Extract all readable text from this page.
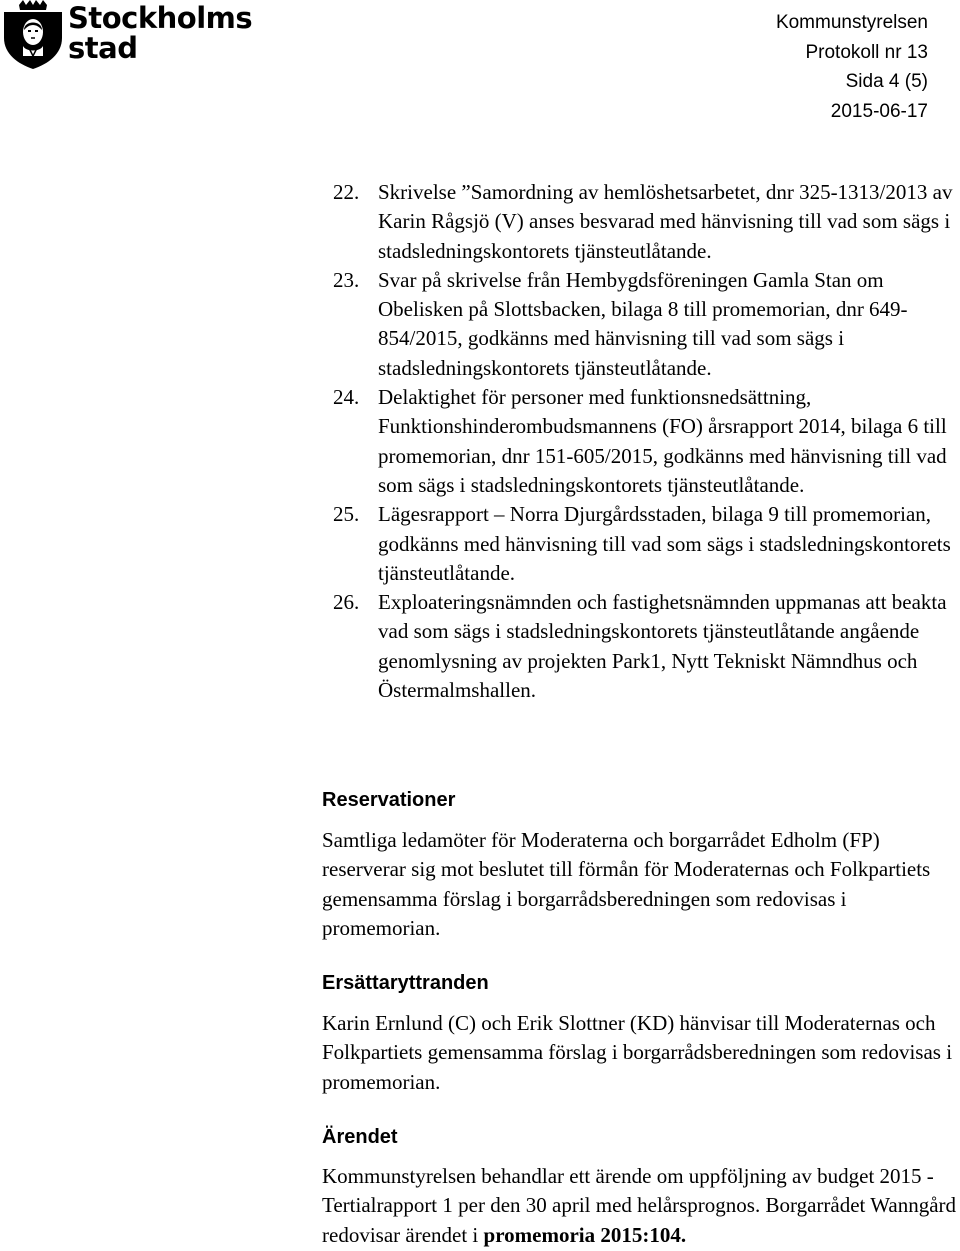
Stockholms
stad
Kommunstyrelsen
Protokoll nr 13
Sida 4 (5)
2015-06-17
22. Skrivelse ”Samordning av hemlöshetsarbetet, dnr 325-1313/2013 av Karin Rågsjö (V) anses besvarad med hänvisning till vad som sägs i stadsledningskontorets tjänsteutlåtande.
23. Svar på skrivelse från Hembygdsföreningen Gamla Stan om Obelisken på Slottsbacken, bilaga 8 till promemorian, dnr 649-854/2015, godkänns med hänvisning till vad som sägs i stadsledningskontorets tjänsteutlåtande.
24. Delaktighet för personer med funktionsnedsättning, Funktionshinderombudsmannens (FO) årsrapport 2014, bilaga 6 till promemorian, dnr 151-605/2015, godkänns med hänvisning till vad som sägs i stadsledningskontorets tjänsteutlåtande.
25. Lägesrapport – Norra Djurgårdsstaden, bilaga 9 till promemorian, godkänns med hänvisning till vad som sägs i stadsledningskontorets tjänsteutlåtande.
26. Exploateringsnämnden och fastighetsnämnden uppmanas att beakta vad som sägs i stadsledningskontorets tjänsteutlåtande angående genomlysning av projekten Park1, Nytt Tekniskt Nämndhus och Östermalmshallen.
Reservationer

Samtliga ledamöter för Moderaterna och borgarrådet Edholm (FP) reserverar sig mot beslutet till förmån för Moderaternas och Folkpartiets gemensamma förslag i borgarrådsberedningen som redovisas i promemorian.

Ersättaryttranden

Karin Ernlund (C) och Erik Slottner (KD) hänvisar till Moderaternas och Folkpartiets gemensamma förslag i borgarrådsberedningen som redovisas i promemorian.

Ärendet

Kommunstyrelsen behandlar ett ärende om uppföljning av budget 2015 - Tertialrapport 1 per den 30 april med helårsprognos. Borgarrådet Wanngård redovisar ärendet i promemoria 2015:104.
